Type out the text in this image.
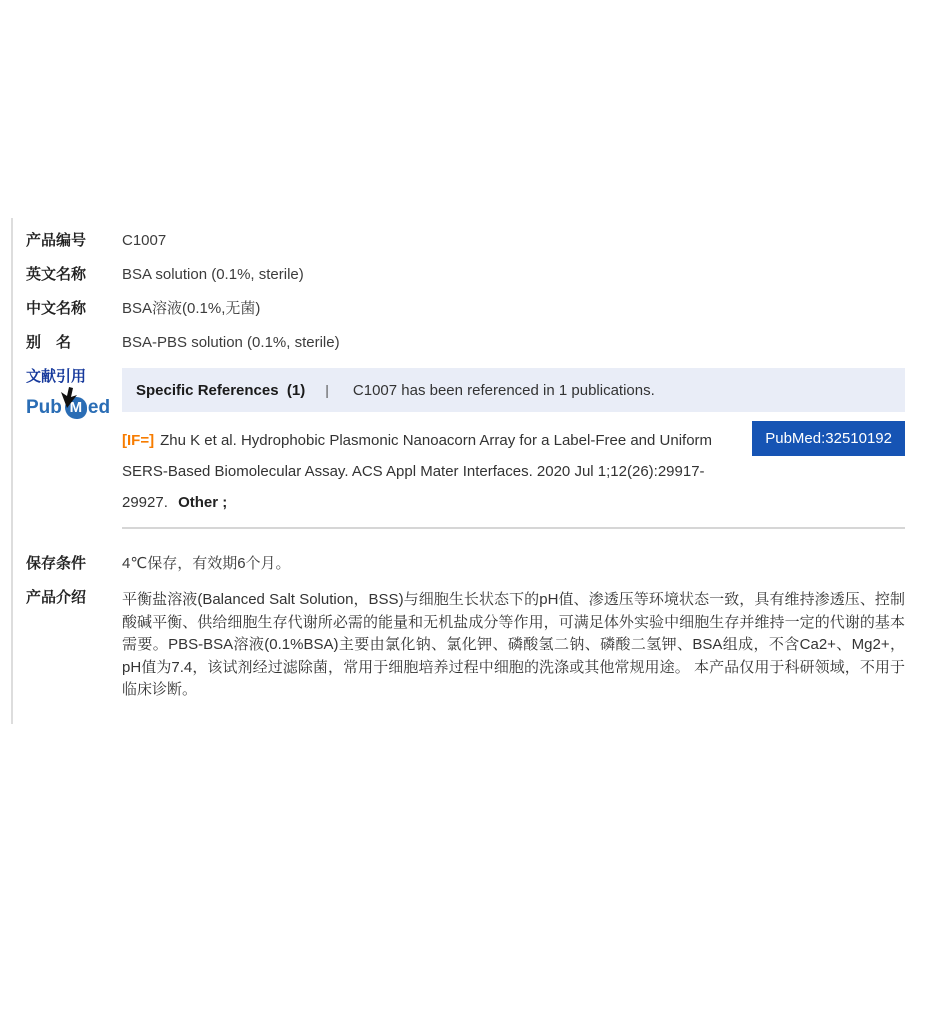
产品编号	C1007
英文名称	BSA solution (0.1%, sterile)
中文名称	BSA溶液(0.1%,无菌)
别　名	BSA-PBS solution (0.1%, sterile)
文献引用
Pub M ed
Specific References  (1) | C1007 has been referenced in 1 publications.
[IF=] Zhu K et al. Hydrophobic Plasmonic Nanoacorn Array for a Label-Free and Uniform SERS-Based Biomolecular Assay. ACS Appl Mater Interfaces. 2020 Jul 1;12(26):29917-29927. Other ;
PubMed:32510192
保存条件	4℃保存，有效期6个月。
产品介绍	平衡盐溶液(Balanced Salt Solution，BSS)与细胞生长状态下的pH值、渗透压等环境状态一致，具有维持渗透压、控制酸碱平衡、供给细胞生存代谢所必需的能量和无机盐成分等作用，可满足体外实验中细胞生存并维持一定的代谢的基本需要。PBS-BSA溶液(0.1%BSA)主要由氯化钠、氯化钾、磷酸氢二钠、磷酸二氢钾、BSA组成，不含Ca2+、Mg2+，pH值为7.4，该试剂经过滤除菌，常用于细胞培养过程中细胞的洗涤或其他常规用途。 本产品仅用于科研领域，不用于临床诊断。
